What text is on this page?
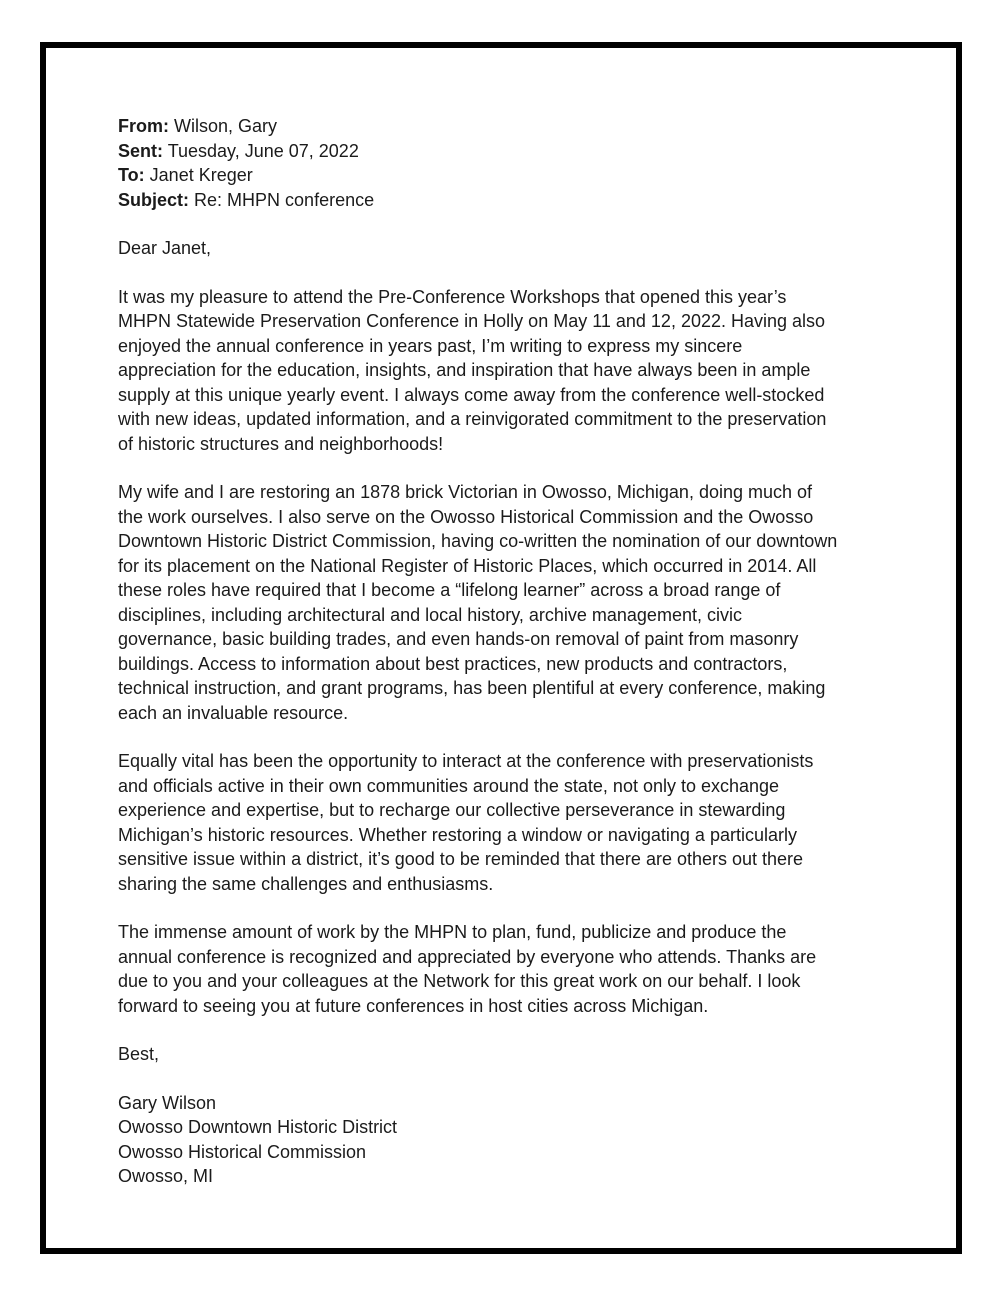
From: Wilson, Gary

Sent: Tuesday, June 07, 2022

To: Janet Kreger

Subject: Re: MHPN conference

Dear Janet,

It was my pleasure to attend the Pre-Conference Workshops that opened this year’s MHPN Statewide Preservation Conference in Holly on May 11 and 12, 2022. Having also enjoyed the annual conference in years past, I’m writing to express my sincere appreciation for the education, insights, and inspiration that have always been in ample supply at this unique yearly event. I always come away from the conference well-stocked with new ideas, updated information, and a reinvigorated commitment to the preservation of historic structures and neighborhoods!

My wife and I are restoring an 1878 brick Victorian in Owosso, Michigan, doing much of the work ourselves. I also serve on the Owosso Historical Commission and the Owosso Downtown Historic District Commission, having co-written the nomination of our downtown for its placement on the National Register of Historic Places, which occurred in 2014. All these roles have required that I become a “lifelong learner” across a broad range of disciplines, including architectural and local history, archive management, civic governance, basic building trades, and even hands-on removal of paint from masonry buildings. Access to information about best practices, new products and contractors, technical instruction, and grant programs, has been plentiful at every conference, making each an invaluable resource.

Equally vital has been the opportunity to interact at the conference with preservationists and officials active in their own communities around the state, not only to exchange experience and expertise, but to recharge our collective perseverance in stewarding Michigan’s historic resources. Whether restoring a window or navigating a particularly sensitive issue within a district, it’s good to be reminded that there are others out there sharing the same challenges and enthusiasms.

The immense amount of work by the MHPN to plan, fund, publicize and produce the annual conference is recognized and appreciated by everyone who attends. Thanks are due to you and your colleagues at the Network for this great work on our behalf. I look forward to seeing you at future conferences in host cities across Michigan.

Best,

Gary Wilson

Owosso Downtown Historic District

Owosso Historical Commission

Owosso, MI
